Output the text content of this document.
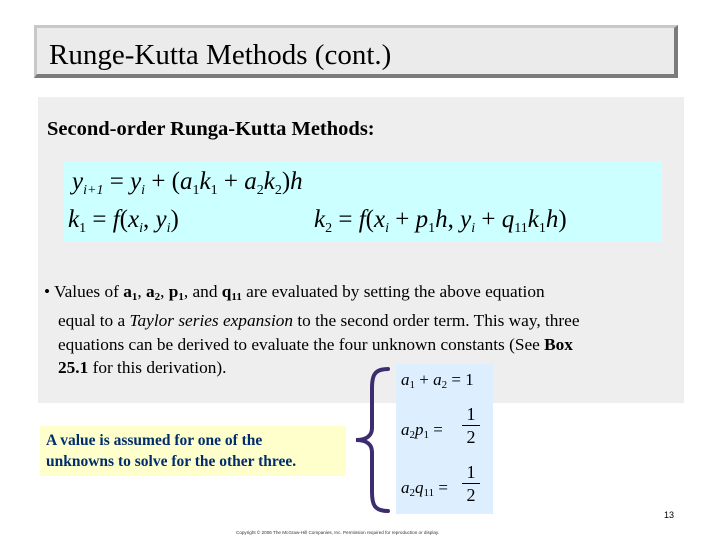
Runge-Kutta Methods (cont.)
Second-order Runga-Kutta Methods:
$y_{i+1} = y_i + (a_1k_1 + a_2k_2)h$
$k_1 = f(x_i$, $y_i$)	$k_2 = f(x_i + p_1h$, $y_i + q_{11}k_1h$)
• Values of $a_1$, $a_2$, $p_1$, and $q_{11}$ are evaluated by setting the above equation
equal to a Taylor series expansion to the second order term. This way, three
equations can be derived to evaluate the four unknown constants (See Box
25.1 for this derivation).
A value is assumed for one of the
unknowns to solve for the other three.
$a_1 + a_2 = 1$
$a_2p_1$ =
1
2
$a_2q_{11}$ =
1
2
13
Copyright © 2006 The McGraw-Hill Companies, Inc. Permission required for reproduction or display.
